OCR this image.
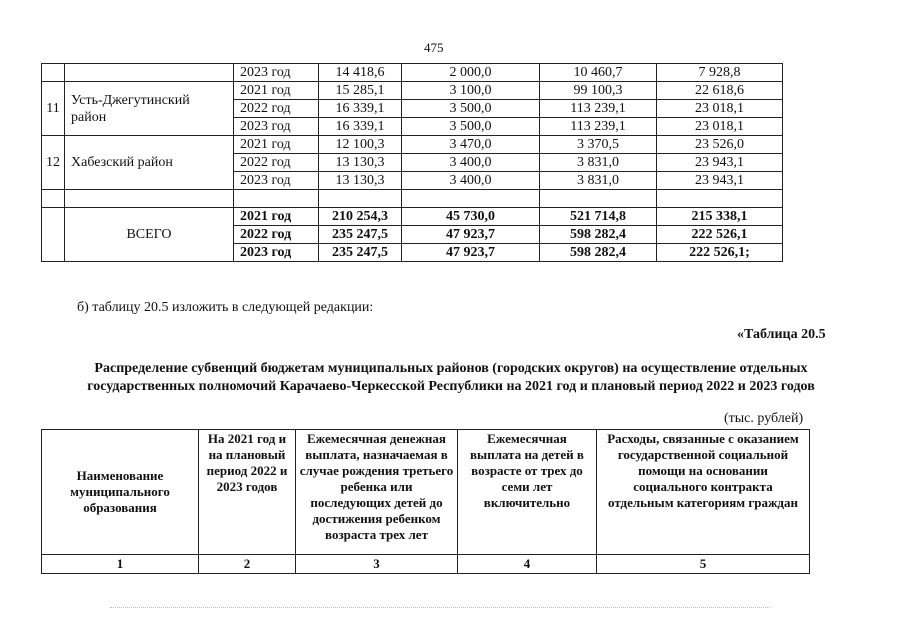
475
		2023 год	14 418,6	2 000,0	10 460,7	7 928,8
11	Усть-Джегутинский район	2021 год	15 285,1	3 100,0	99 100,3	22 618,6
		2022 год	16 339,1	3 500,0	113 239,1	23 018,1
		2023 год	16 339,1	3 500,0	113 239,1	23 018,1
12	Хабезский район	2021 год	12 100,3	3 470,0	3 370,5	23 526,0
		2022 год	13 130,3	3 400,0	3 831,0	23 943,1
		2023 год	13 130,3	3 400,0	3 831,0	23 943,1

	ВСЕГО	2021 год	210 254,3	45 730,0	521 714,8	215 338,1
		2022 год	235 247,5	47 923,7	598 282,4	222 526,1
		2023 год	235 247,5	47 923,7	598 282,4	222 526,1;
б) таблицу 20.5 изложить в следующей редакции:
«Таблица 20.5
Распределение субвенций бюджетам муниципальных районов (городских округов) на осуществление отдельных государственных полномочий Карачаево-Черкесской Республики на 2021 год и плановый период 2022 и 2023 годов
(тыс. рублей)
Наименование муниципального образования	На 2021 год и на плановый период 2022 и 2023 годов	Ежемесячная денежная выплата, назначаемая в случае рождения третьего ребенка или последующих детей до достижения ребенком возраста трех лет	Ежемесячная выплата на детей в возрасте от трех до семи лет включительно	Расходы, связанные с оказанием государственной социальной помощи на основании социального контракта отдельным категориям граждан
1	2	3	4	5
